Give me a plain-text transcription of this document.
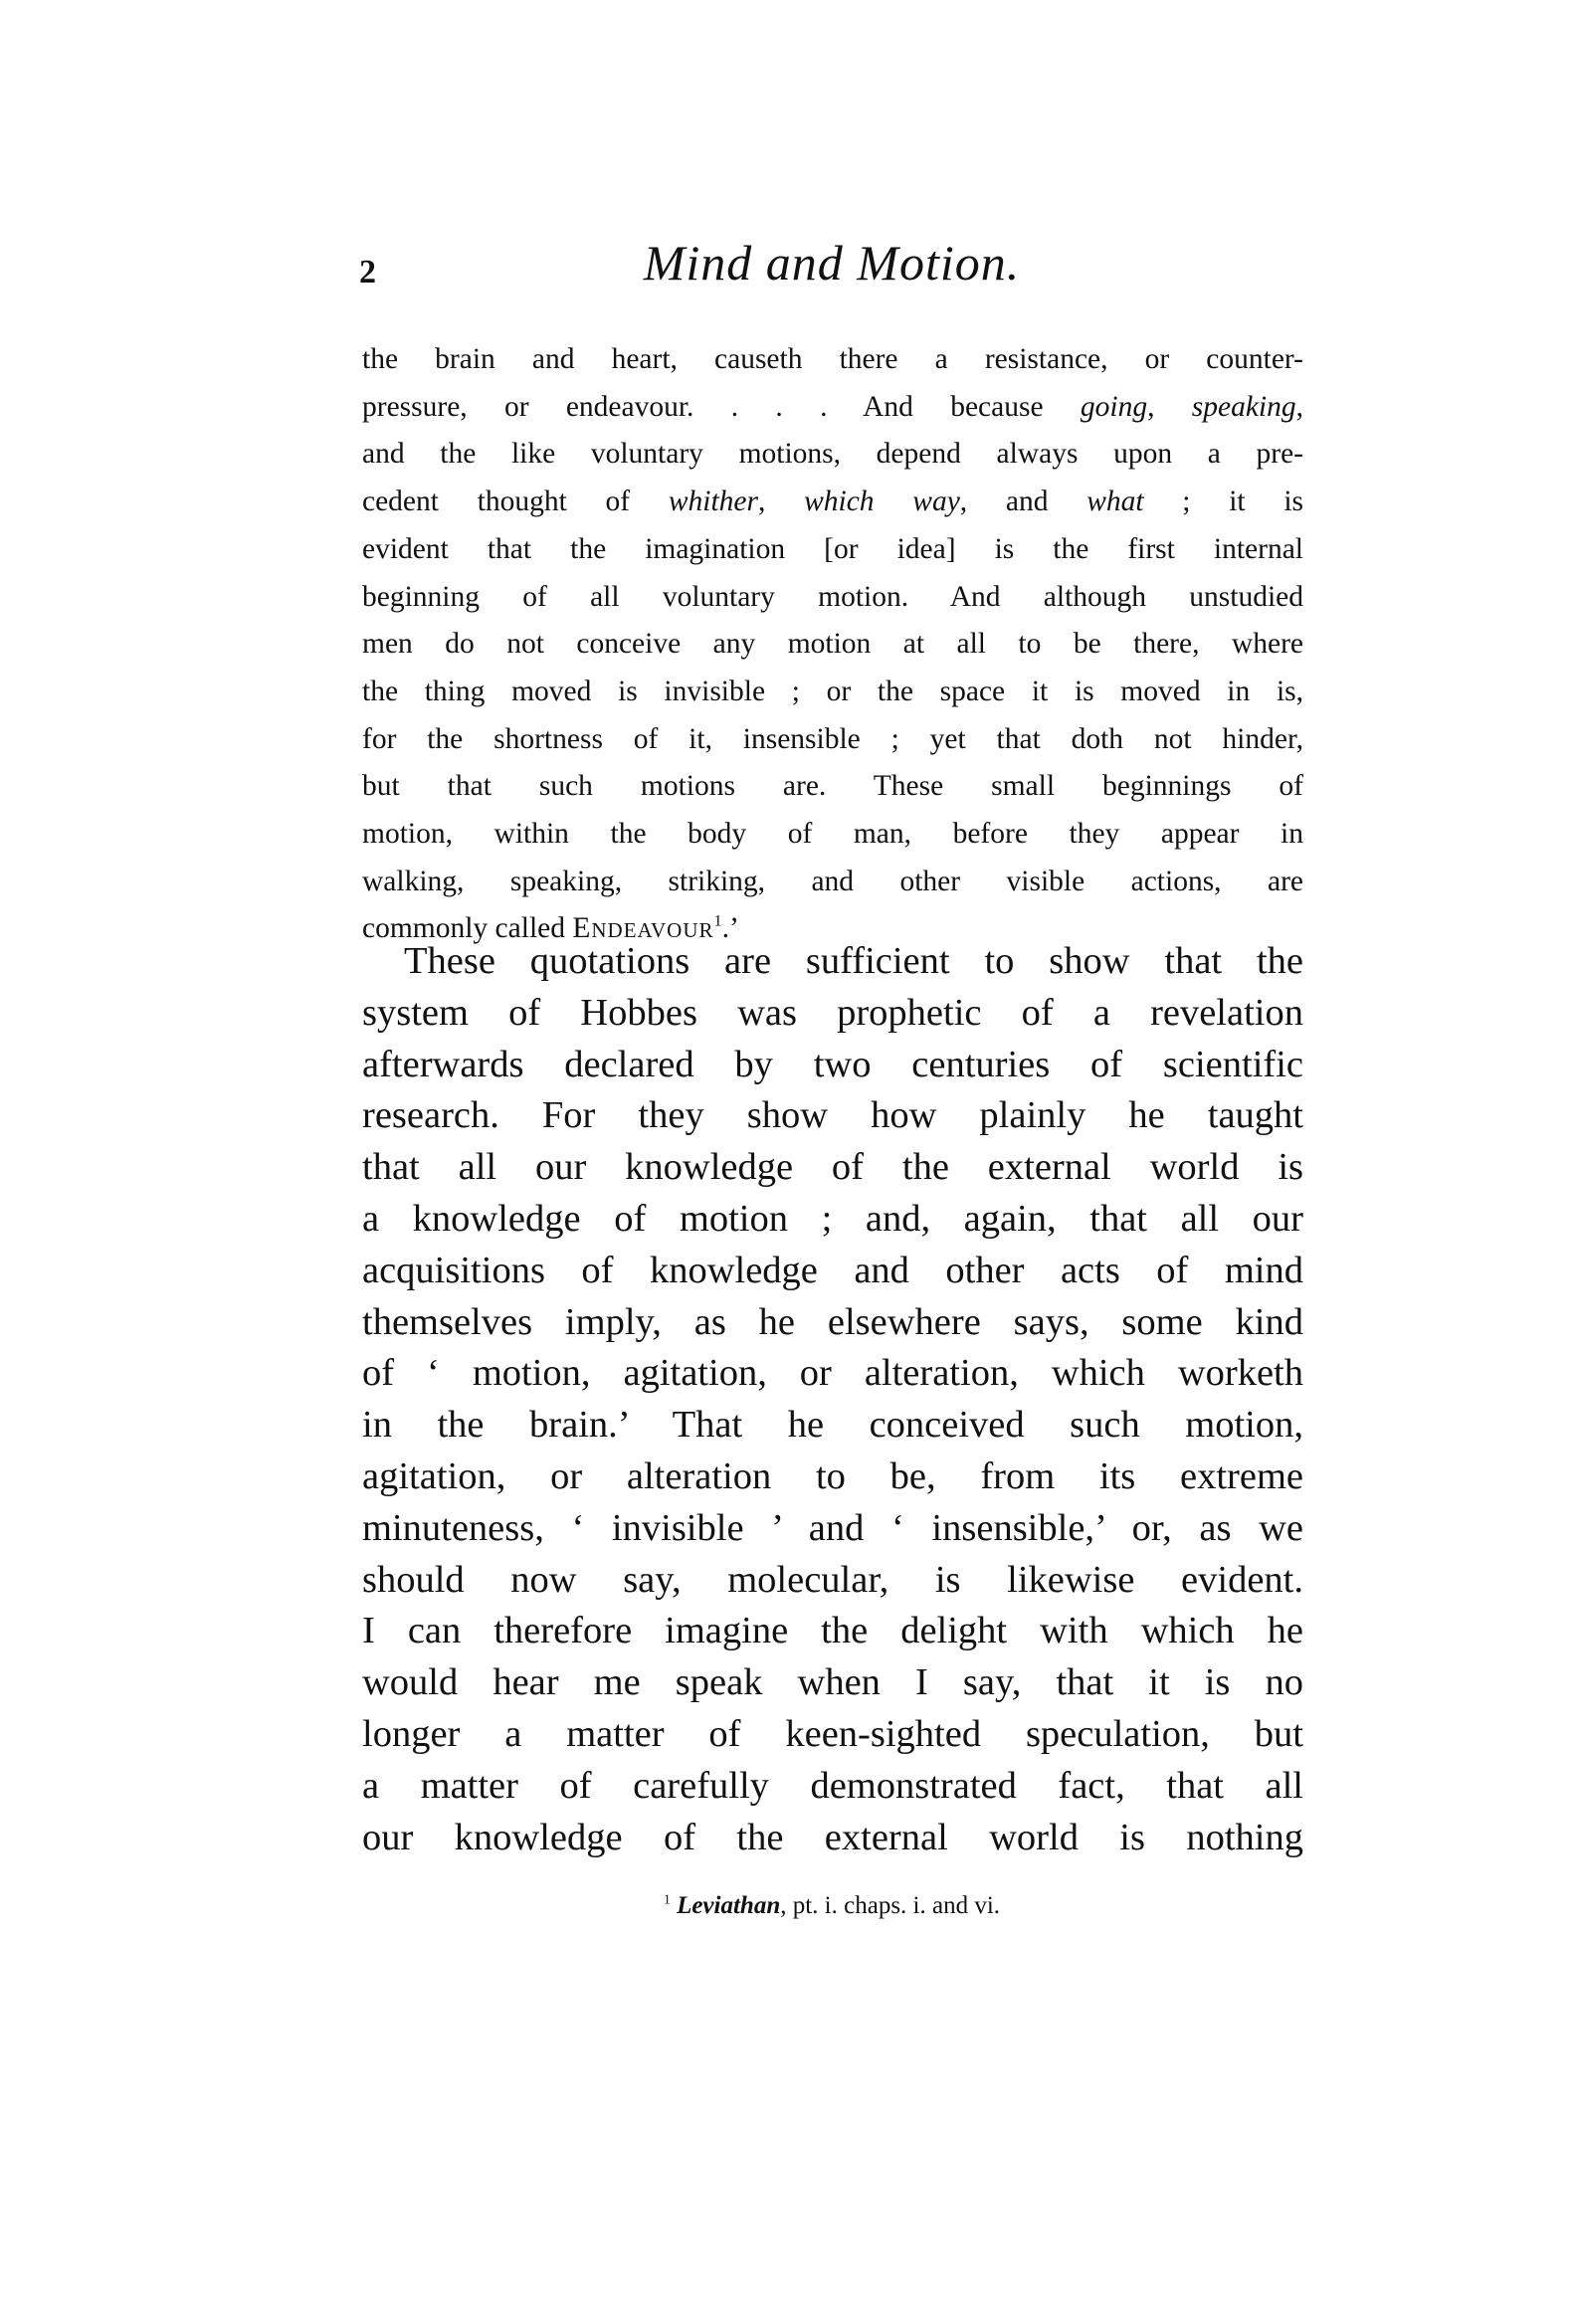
2	Mind and Motion.
the brain and heart, causeth there a resistance, or counter-
pressure, or endeavour. . . . And because going, speaking,
and the like voluntary motions, depend always upon a pre-
cedent thought of whither, which way, and what ; it is
evident that the imagination [or idea] is the first internal
beginning of all voluntary motion. And although unstudied
men do not conceive any motion at all to be there, where
the thing moved is invisible ; or the space it is moved in is,
for the shortness of it, insensible ; yet that doth not hinder,
but that such motions are. These small beginnings of
motion, within the body of man, before they appear in
walking, speaking, striking, and other visible actions, are
commonly called Endeavour$^1$.’
These quotations are sufficient to show that the
system of Hobbes was prophetic of a revelation
afterwards declared by two centuries of scientific
research. For they show how plainly he taught
that all our knowledge of the external world is
a knowledge of motion ; and, again, that all our
acquisitions of knowledge and other acts of mind
themselves imply, as he elsewhere says, some kind
of ‘ motion, agitation, or alteration, which worketh
in the brain.’ That he conceived such motion,
agitation, or alteration to be, from its extreme
minuteness, ‘ invisible ’ and ‘ insensible,’ or, as we
should now say, molecular, is likewise evident.
I can therefore imagine the delight with which he
would hear me speak when I say, that it is no
longer a matter of keen-sighted speculation, but
a matter of carefully demonstrated fact, that all
our knowledge of the external world is nothing
$^1$ Leviathan, pt. i. chaps. i. and vi.
